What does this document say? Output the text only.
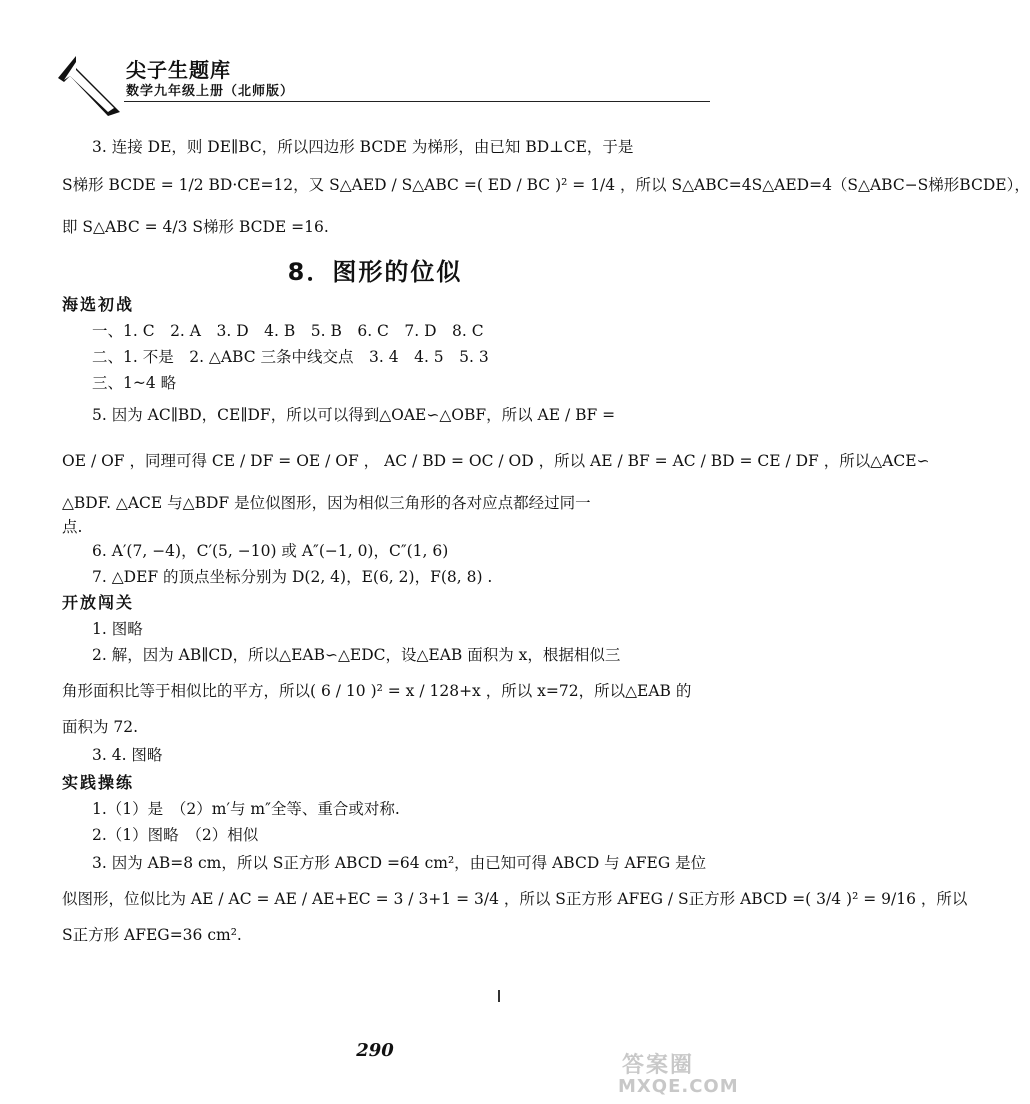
尖子生题库
数学九年级上册（北师版）
3. 连接 DE，则 DE∥BC，所以四边形 BCDE 为梯形，由已知 BD⊥CE，于是
S梯形 BCDE = 1/2 BD·CE=12，又 S△AED / S△ABC =( ED / BC )² = 1/4 ，所以 S△ABC=4S△AED=4（S△ABC−S梯形BCDE），
即 S△ABC = 4/3 S梯形 BCDE =16.
8．图形的位似
海选初战
一、1. C　2. A　3. D　4. B　5. B　6. C　7. D　8. C
二、1. 不是　2. △ABC 三条中线交点　3. 4　4. 5　5. 3
三、1~4 略
5. 因为 AC∥BD，CE∥DF，所以可以得到△OAE∽△OBF，所以 AE / BF =
OE / OF ，同理可得 CE / DF = OE / OF ， AC / BD = OC / OD ，所以 AE / BF = AC / BD = CE / DF ，所以△ACE∽
△BDF. △ACE 与△BDF 是位似图形，因为相似三角形的各对应点都经过同一
点.
6. A′(7, −4)，C′(5, −10) 或 A″(−1, 0)，C″(1, 6)
7. △DEF 的顶点坐标分别为 D(2, 4)，E(6, 2)，F(8, 8) .
开放闯关
1. 图略
2. 解，因为 AB∥CD，所以△EAB∽△EDC，设△EAB 面积为 x，根据相似三
角形面积比等于相似比的平方，所以( 6 / 10 )² = x / 128+x ，所以 x=72，所以△EAB 的
面积为 72.
3. 4. 图略
实践操练
1.（1）是　（2）m′与 m″全等、重合或对称.
2.（1）图略　（2）相似
3. 因为 AB=8 cm，所以 S正方形 ABCD =64 cm²，由已知可得 ABCD 与 AFEG 是位
似图形，位似比为 AE / AC = AE / AE+EC = 3 / 3+1 = 3/4 ，所以 S正方形 AFEG / S正方形 ABCD =( 3/4 )² = 9/16 ，所以
S正方形 AFEG=36 cm².
290
答案圈
MXQE.COM
